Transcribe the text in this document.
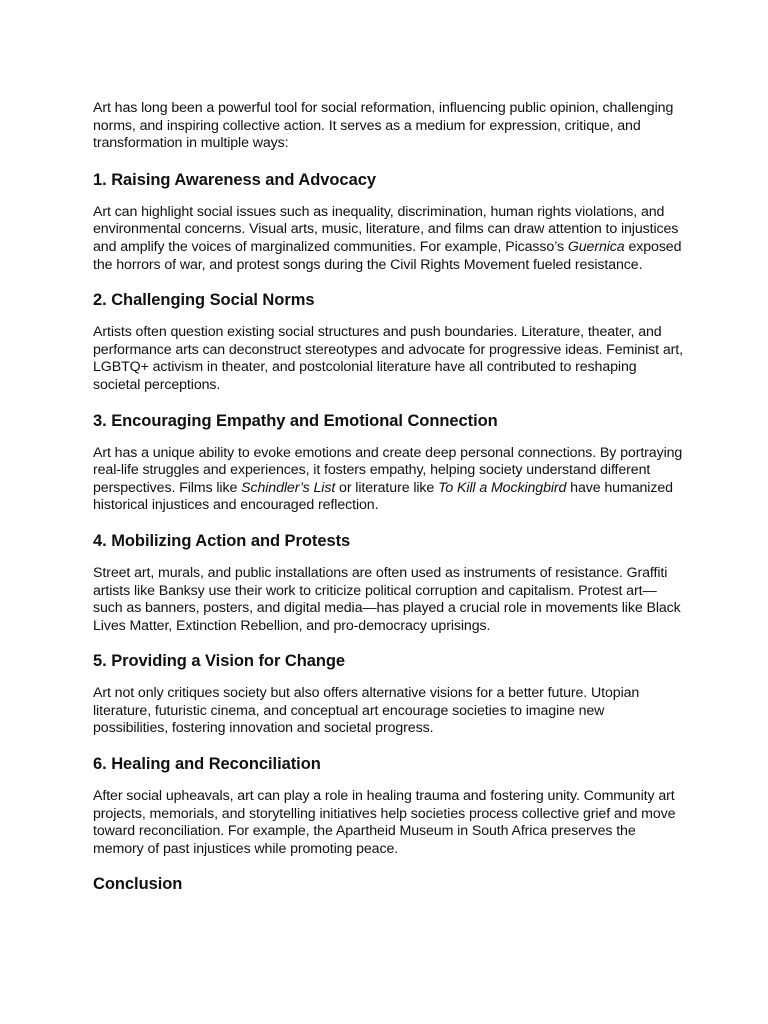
Art has long been a powerful tool for social reformation, influencing public opinion, challenging norms, and inspiring collective action. It serves as a medium for expression, critique, and transformation in multiple ways:

1. Raising Awareness and Advocacy

Art can highlight social issues such as inequality, discrimination, human rights violations, and environmental concerns. Visual arts, music, literature, and films can draw attention to injustices and amplify the voices of marginalized communities. For example, Picasso’s Guernica exposed the horrors of war, and protest songs during the Civil Rights Movement fueled resistance.

2. Challenging Social Norms

Artists often question existing social structures and push boundaries. Literature, theater, and performance arts can deconstruct stereotypes and advocate for progressive ideas. Feminist art, LGBTQ+ activism in theater, and postcolonial literature have all contributed to reshaping societal perceptions.

3. Encouraging Empathy and Emotional Connection

Art has a unique ability to evoke emotions and create deep personal connections. By portraying real-life struggles and experiences, it fosters empathy, helping society understand different perspectives. Films like Schindler’s List or literature like To Kill a Mockingbird have humanized historical injustices and encouraged reflection.

4. Mobilizing Action and Protests

Street art, murals, and public installations are often used as instruments of resistance. Graffiti artists like Banksy use their work to criticize political corruption and capitalism. Protest art—such as banners, posters, and digital media—has played a crucial role in movements like Black Lives Matter, Extinction Rebellion, and pro-democracy uprisings.

5. Providing a Vision for Change

Art not only critiques society but also offers alternative visions for a better future. Utopian literature, futuristic cinema, and conceptual art encourage societies to imagine new possibilities, fostering innovation and societal progress.

6. Healing and Reconciliation

After social upheavals, art can play a role in healing trauma and fostering unity. Community art projects, memorials, and storytelling initiatives help societies process collective grief and move toward reconciliation. For example, the Apartheid Museum in South Africa preserves the memory of past injustices while promoting peace.

Conclusion
